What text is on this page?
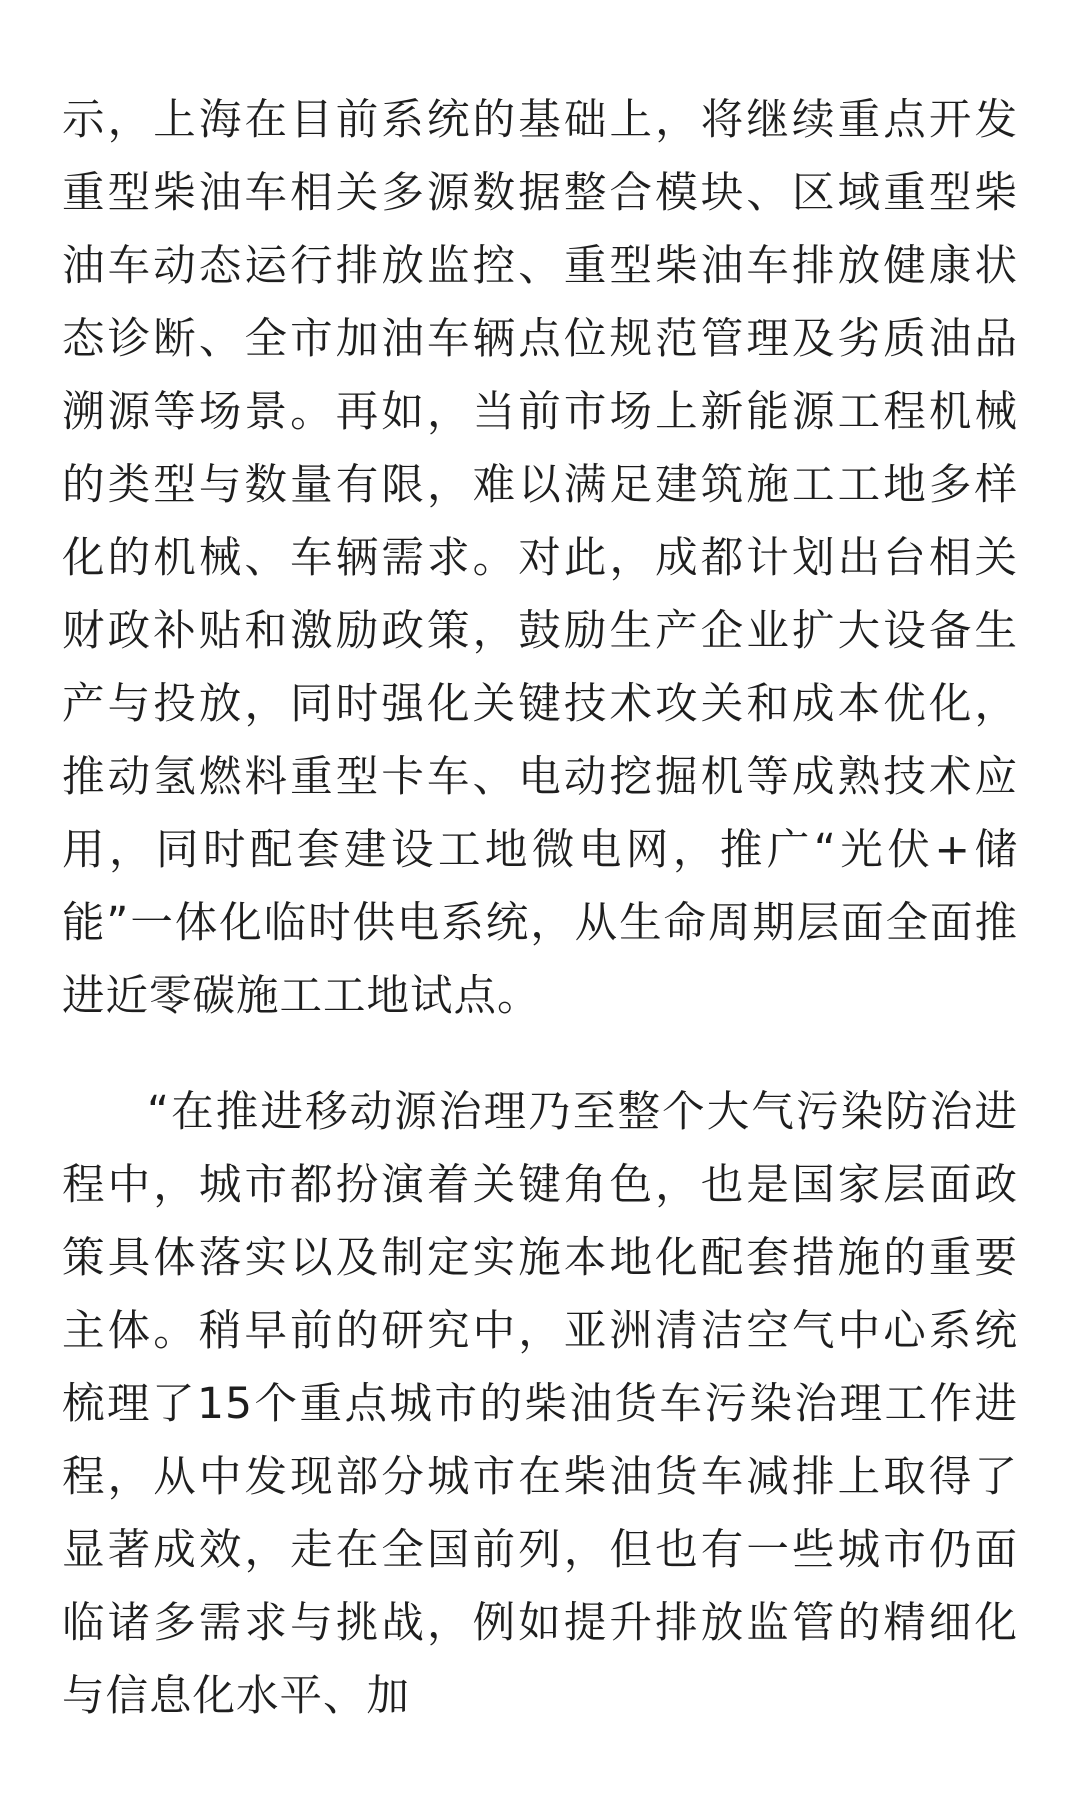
示，上海在目前系统的基础上，将继续重点开发重型柴油车相关多源数据整合模块、区域重型柴油车动态运行排放监控、重型柴油车排放健康状态诊断、全市加油车辆点位规范管理及劣质油品溯源等场景。再如，当前市场上新能源工程机械的类型与数量有限，难以满足建筑施工工地多样化的机械、车辆需求。对此，成都计划出台相关财政补贴和激励政策，鼓励生产企业扩大设备生产与投放，同时强化关键技术攻关和成本优化，推动氢燃料重型卡车、电动挖掘机等成熟技术应用，同时配套建设工地微电网，推广“光伏+储能”一体化临时供电系统，从生命周期层面全面推进近零碳施工工地试点。

“在推进移动源治理乃至整个大气污染防治进程中，城市都扮演着关键角色，也是国家层面政策具体落实以及制定实施本地化配套措施的重要主体。稍早前的研究中，亚洲清洁空气中心系统梳理了15个重点城市的柴油货车污染治理工作进程，从中发现部分城市在柴油货车减排上取得了显著成效，走在全国前列，但也有一些城市仍面临诸多需求与挑战，例如提升排放监管的精细化与信息化水平、加
